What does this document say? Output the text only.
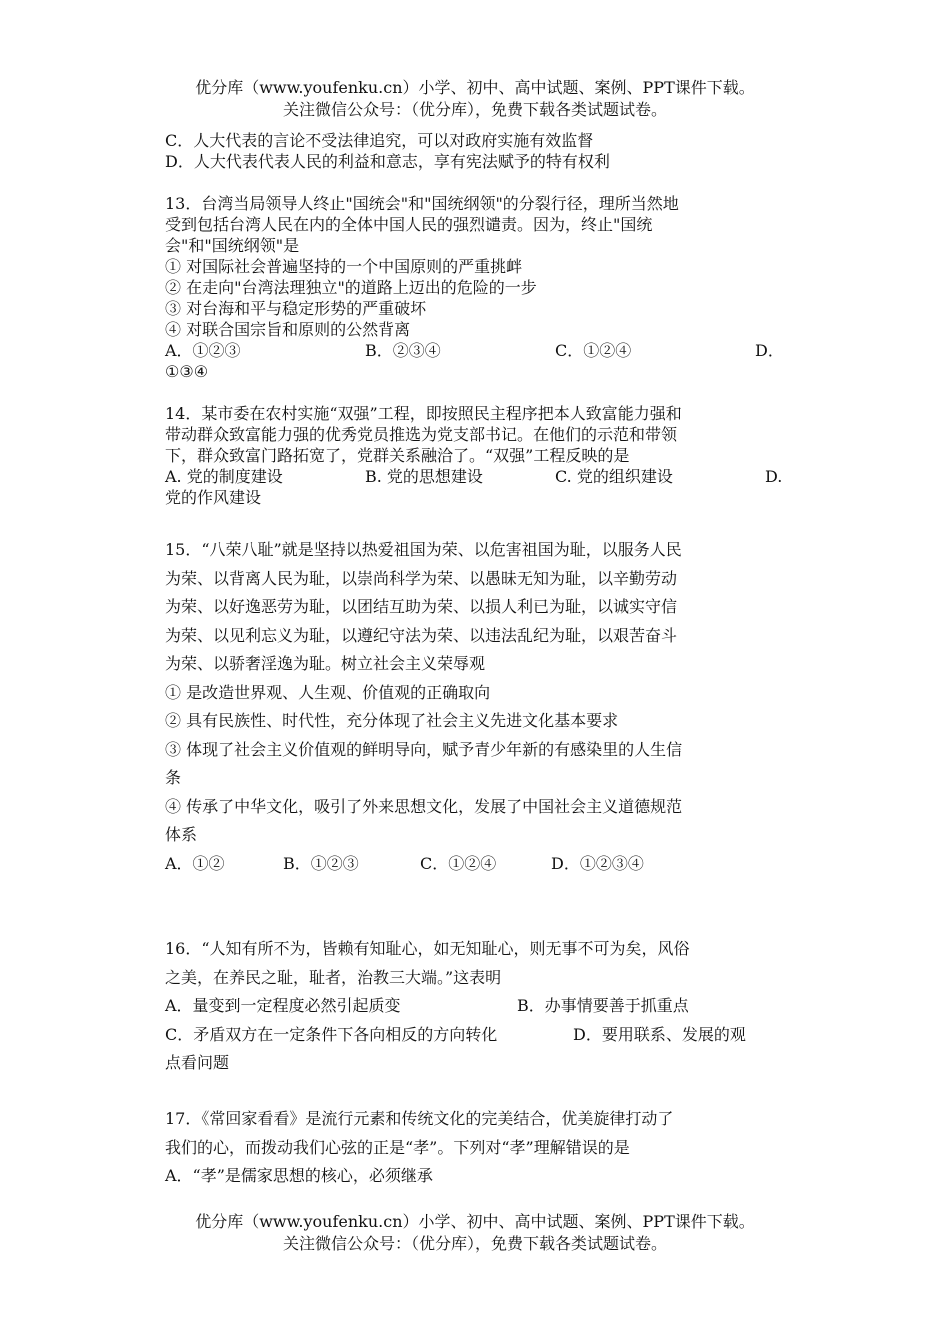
优分库（www.youfenku.cn）小学、初中、高中试题、案例、PPT课件下载。
关注微信公众号：（优分库），免费下载各类试题试卷。
C．人大代表的言论不受法律追究，可以对政府实施有效监督
D．人大代表代表人民的利益和意志，享有宪法赋予的特有权利
13．台湾当局领导人终止"国统会"和"国统纲领"的分裂行径，理所当然地
受到包括台湾人民在内的全体中国人民的强烈谴责。因为，终止"国统
会"和"国统纲领"是
① 对国际社会普遍坚持的一个中国原则的严重挑衅
② 在走向"台湾法理独立"的道路上迈出的危险的一步
③ 对台海和平与稳定形势的严重破坏
④ 对联合国宗旨和原则的公然背离
A．①②③	B．②③④	C．①②④	D．
①③④
14．某市委在农村实施“双强”工程，即按照民主程序把本人致富能力强和
带动群众致富能力强的优秀党员推选为党支部书记。在他们的示范和带领
下，群众致富门路拓宽了，党群关系融洽了。“双强”工程反映的是
A. 党的制度建设	B. 党的思想建设	C. 党的组织建设	D.
党的作风建设
15．“八荣八耻”就是坚持以热爱祖国为荣、以危害祖国为耻，以服务人民
为荣、以背离人民为耻，以崇尚科学为荣、以愚昧无知为耻，以辛勤劳动
为荣、以好逸恶劳为耻，以团结互助为荣、以损人利已为耻，以诚实守信
为荣、以见利忘义为耻，以遵纪守法为荣、以违法乱纪为耻，以艰苦奋斗
为荣、以骄奢淫逸为耻。树立社会主义荣辱观
① 是改造世界观、人生观、价值观的正确取向
② 具有民族性、时代性，充分体现了社会主义先进文化基本要求
③ 体现了社会主义价值观的鲜明导向，赋予青少年新的有感染里的人生信
条
④ 传承了中华文化，吸引了外来思想文化，发展了中国社会主义道德规范
体系
A．①②	B．①②③	C．①②④	D．①②③④
16．“人知有所不为，皆赖有知耻心，如无知耻心，则无事不可为矣，风俗
之美，在养民之耻，耻者，治教三大端。”这表明
A．量变到一定程度必然引起质变	B．办事情要善于抓重点
C．矛盾双方在一定条件下各向相反的方向转化	D．要用联系、发展的观
点看问题
17．《常回家看看》是流行元素和传统文化的完美结合，优美旋律打动了
我们的心，而拨动我们心弦的正是“孝”。下列对“孝”理解错误的是
A．“孝”是儒家思想的核心，必须继承
优分库（www.youfenku.cn）小学、初中、高中试题、案例、PPT课件下载。
关注微信公众号：（优分库），免费下载各类试题试卷。
